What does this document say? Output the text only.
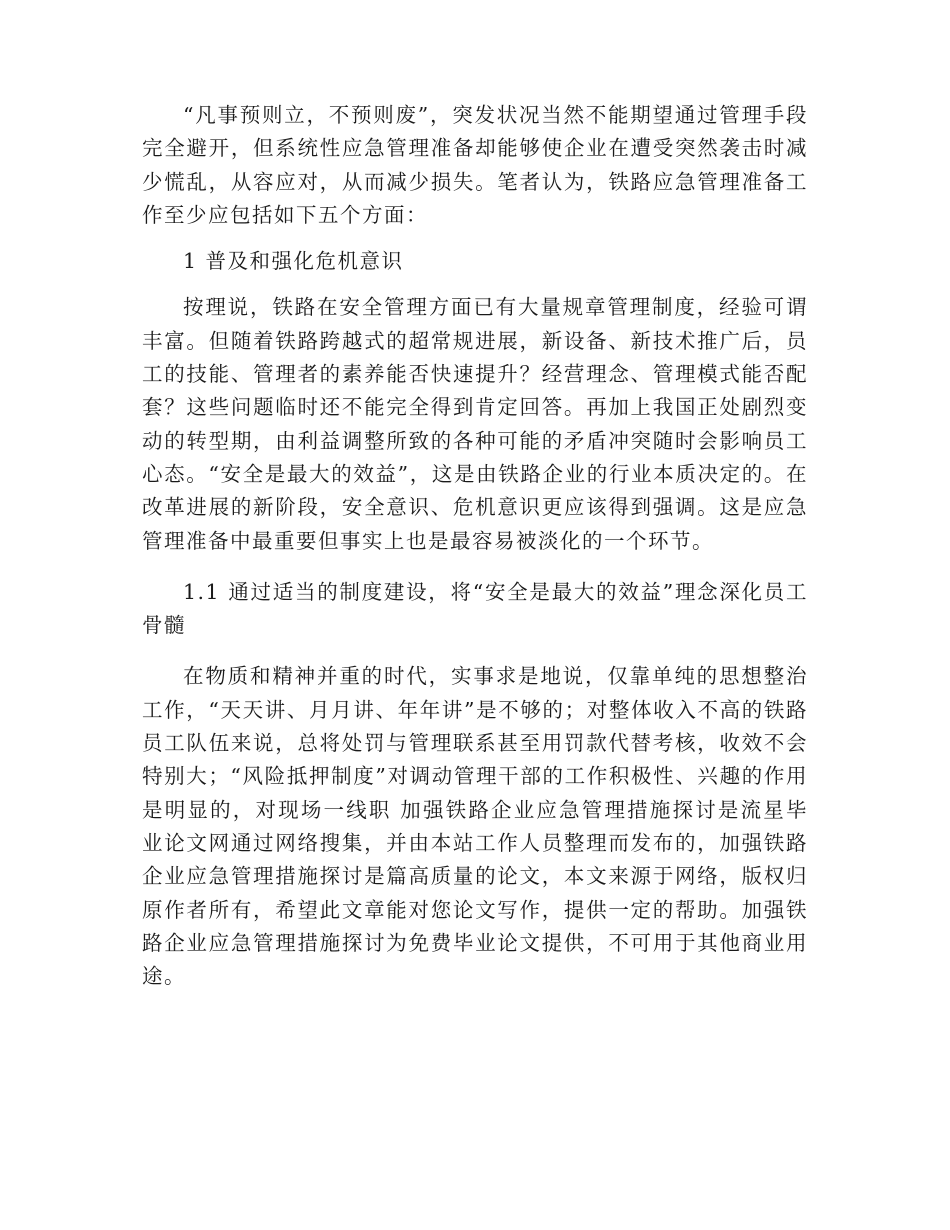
“凡事预则立，不预则废”，突发状况当然不能期望通过管理手段完全避开，但系统性应急管理准备却能够使企业在遭受突然袭击时减少慌乱，从容应对，从而减少损失。笔者认为，铁路应急管理准备工作至少应包括如下五个方面：

1 普及和强化危机意识

按理说，铁路在安全管理方面已有大量规章管理制度，经验可谓丰富。但随着铁路跨越式的超常规进展，新设备、新技术推广后，员工的技能、管理者的素养能否快速提升？经营理念、管理模式能否配套？这些问题临时还不能完全得到肯定回答。再加上我国正处剧烈变动的转型期，由利益调整所致的各种可能的矛盾冲突随时会影响员工心态。“安全是最大的效益”，这是由铁路企业的行业本质决定的。在改革进展的新阶段，安全意识、危机意识更应该得到强调。这是应急管理准备中最重要但事实上也是最容易被淡化的一个环节。

1.1 通过适当的制度建设，将“安全是最大的效益”理念深化员工骨髓

在物质和精神并重的时代，实事求是地说，仅靠单纯的思想整治工作，“天天讲、月月讲、年年讲”是不够的；对整体收入不高的铁路员工队伍来说，总将处罚与管理联系甚至用罚款代替考核，收效不会特别大；“风险抵押制度”对调动管理干部的工作积极性、兴趣的作用是明显的，对现场一线职 加强铁路企业应急管理措施探讨是流星毕业论文网通过网络搜集，并由本站工作人员整理而发布的，加强铁路企业应急管理措施探讨是篇高质量的论文，本文来源于网络，版权归原作者所有，希望此文章能对您论文写作，提供一定的帮助。加强铁路企业应急管理措施探讨为免费毕业论文提供，不可用于其他商业用途。
